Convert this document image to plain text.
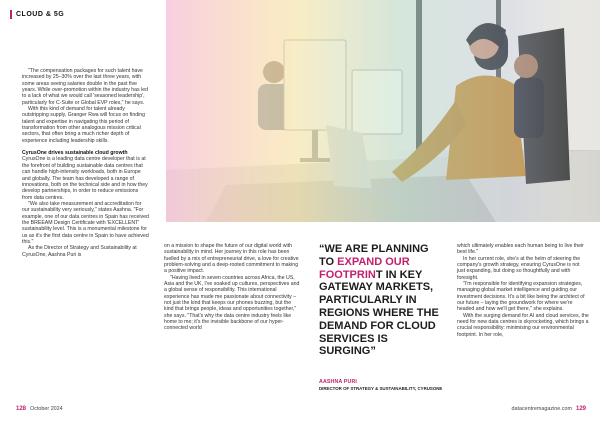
CLOUD & 5G

"The compensation packages for such talent have increased by 25–30% over the last three years, with some areas seeing salaries double in the past five years. While over-promotion within the industry has led to a lack of what we would call 'seasoned leadership', particularly for C-Suite or Global EVP roles," he says.

With this kind of demand for talent already outstripping supply, Granger Rwa will focus on finding talent and expertise in navigating this period of transformation from other analogous mission critical sectors, that often bring a much richer depth of experience including leadership skills.

CyrusOne drives sustainable cloud growth

CyrusOne is a leading data centre developer that is at the forefront of building sustainable data centres that can handle high-intensity workloads, both in Europe and globally. The team has developed a range of innovations, both on the technical side and in how they develop partnerships, in order to reduce emissions from data centres.

"We also take measurement and accreditation for our sustainability very seriously," states Aashna. "For example, one of our data centres in Spain has received the BREEAM Design Certificate with 'EXCELLENT' sustainability level. This is a monumental milestone for us as it's the first data centre in Spain to have achieved this."

As the Director of Strategy and Sustainability at CyrusOne, Aashna Puri is

on a mission to shape the future of our digital world with sustainability in mind. Her journey in this role has been fuelled by a mix of entrepreneurial drive, a love for creative problem-solving and a deep-rooted commitment to making a positive impact.

"Having lived in seven countries across Africa, the US, Asia and the UK, I've soaked up cultures, perspectives and a global sense of responsibility. This international experience has made me passionate about connectivity – not just the kind that keeps our phones buzzing, but the kind that brings people, ideas and opportunities together," she says. "That's why the data centre industry feels like home to me; it's the invisible backbone of our hyper-connected world

“WE ARE PLANNING TO EXPAND OUR FOOTPRINT IN KEY GATEWAY MARKETS, PARTICULARLY IN REGIONS WHERE THE DEMAND FOR CLOUD SERVICES IS SURGING”
AASHNA PURI
DIRECTOR OF STRATEGY & SUSTAINABILITY, CYRUSONE

which ultimately enables each human being to live their best life."

In her current role, she's at the helm of steering the company's growth strategy, ensuring CyrusOne is not just expanding, but doing so thoughtfully and with foresight.

"I'm responsible for identifying expansion strategies, managing global market intelligence and guiding our investment decisions. It's a bit like being the architect of our future – laying the groundwork for where we're headed and how we'll get there," she explains.

With the surging demand for AI and cloud services, the need for new data centres is skyrocketing, which brings a crucial responsibility: minimising our environmental footprint. In her role,

128 October 2024	datacentremagazine.com 129
